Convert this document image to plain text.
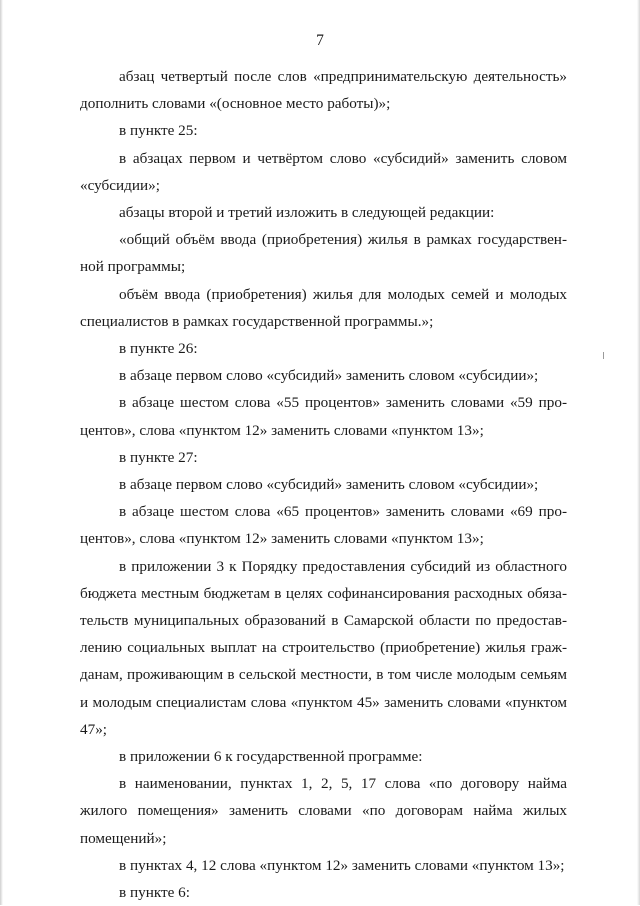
7

абзац четвертый после слов «предпринимательскую деятельность» дополнить словами «(основное место работы)»;

в пункте 25:

в абзацах первом и четвёртом слово «субсидий» заменить словом «субсидии»;

абзацы второй и третий изложить в следующей редакции:

«общий объём ввода (приобретения) жилья в рамках государственной программы;

объём ввода (приобретения) жилья для молодых семей и молодых специалистов в рамках государственной программы.»;

в пункте 26:

в абзаце первом слово «субсидий» заменить словом «субсидии»;

в абзаце шестом слова «55 процентов» заменить словами «59 процентов», слова «пунктом 12» заменить словами «пунктом 13»;

в пункте 27:

в абзаце первом слово «субсидий» заменить словом «субсидии»;

в абзаце шестом слова «65 процентов» заменить словами «69 процентов», слова «пунктом 12» заменить словами «пунктом 13»;

в приложении 3 к Порядку предоставления субсидий из областного бюджета местным бюджетам в целях софинансирования расходных обязательств муниципальных образований в Самарской области по предоставлению социальных выплат на строительство (приобретение) жилья гражданам, проживающим в сельской местности, в том числе молодым семьям и молодым специалистам слова «пунктом 45» заменить словами «пунктом 47»;

в приложении 6 к государственной программе:

в наименовании, пунктах 1, 2, 5, 17 слова «по договору найма жилого помещения» заменить словами «по договорам найма жилых помещений»;

в пунктах 4, 12 слова «пунктом 12» заменить словами «пунктом 13»;

в пункте 6:
